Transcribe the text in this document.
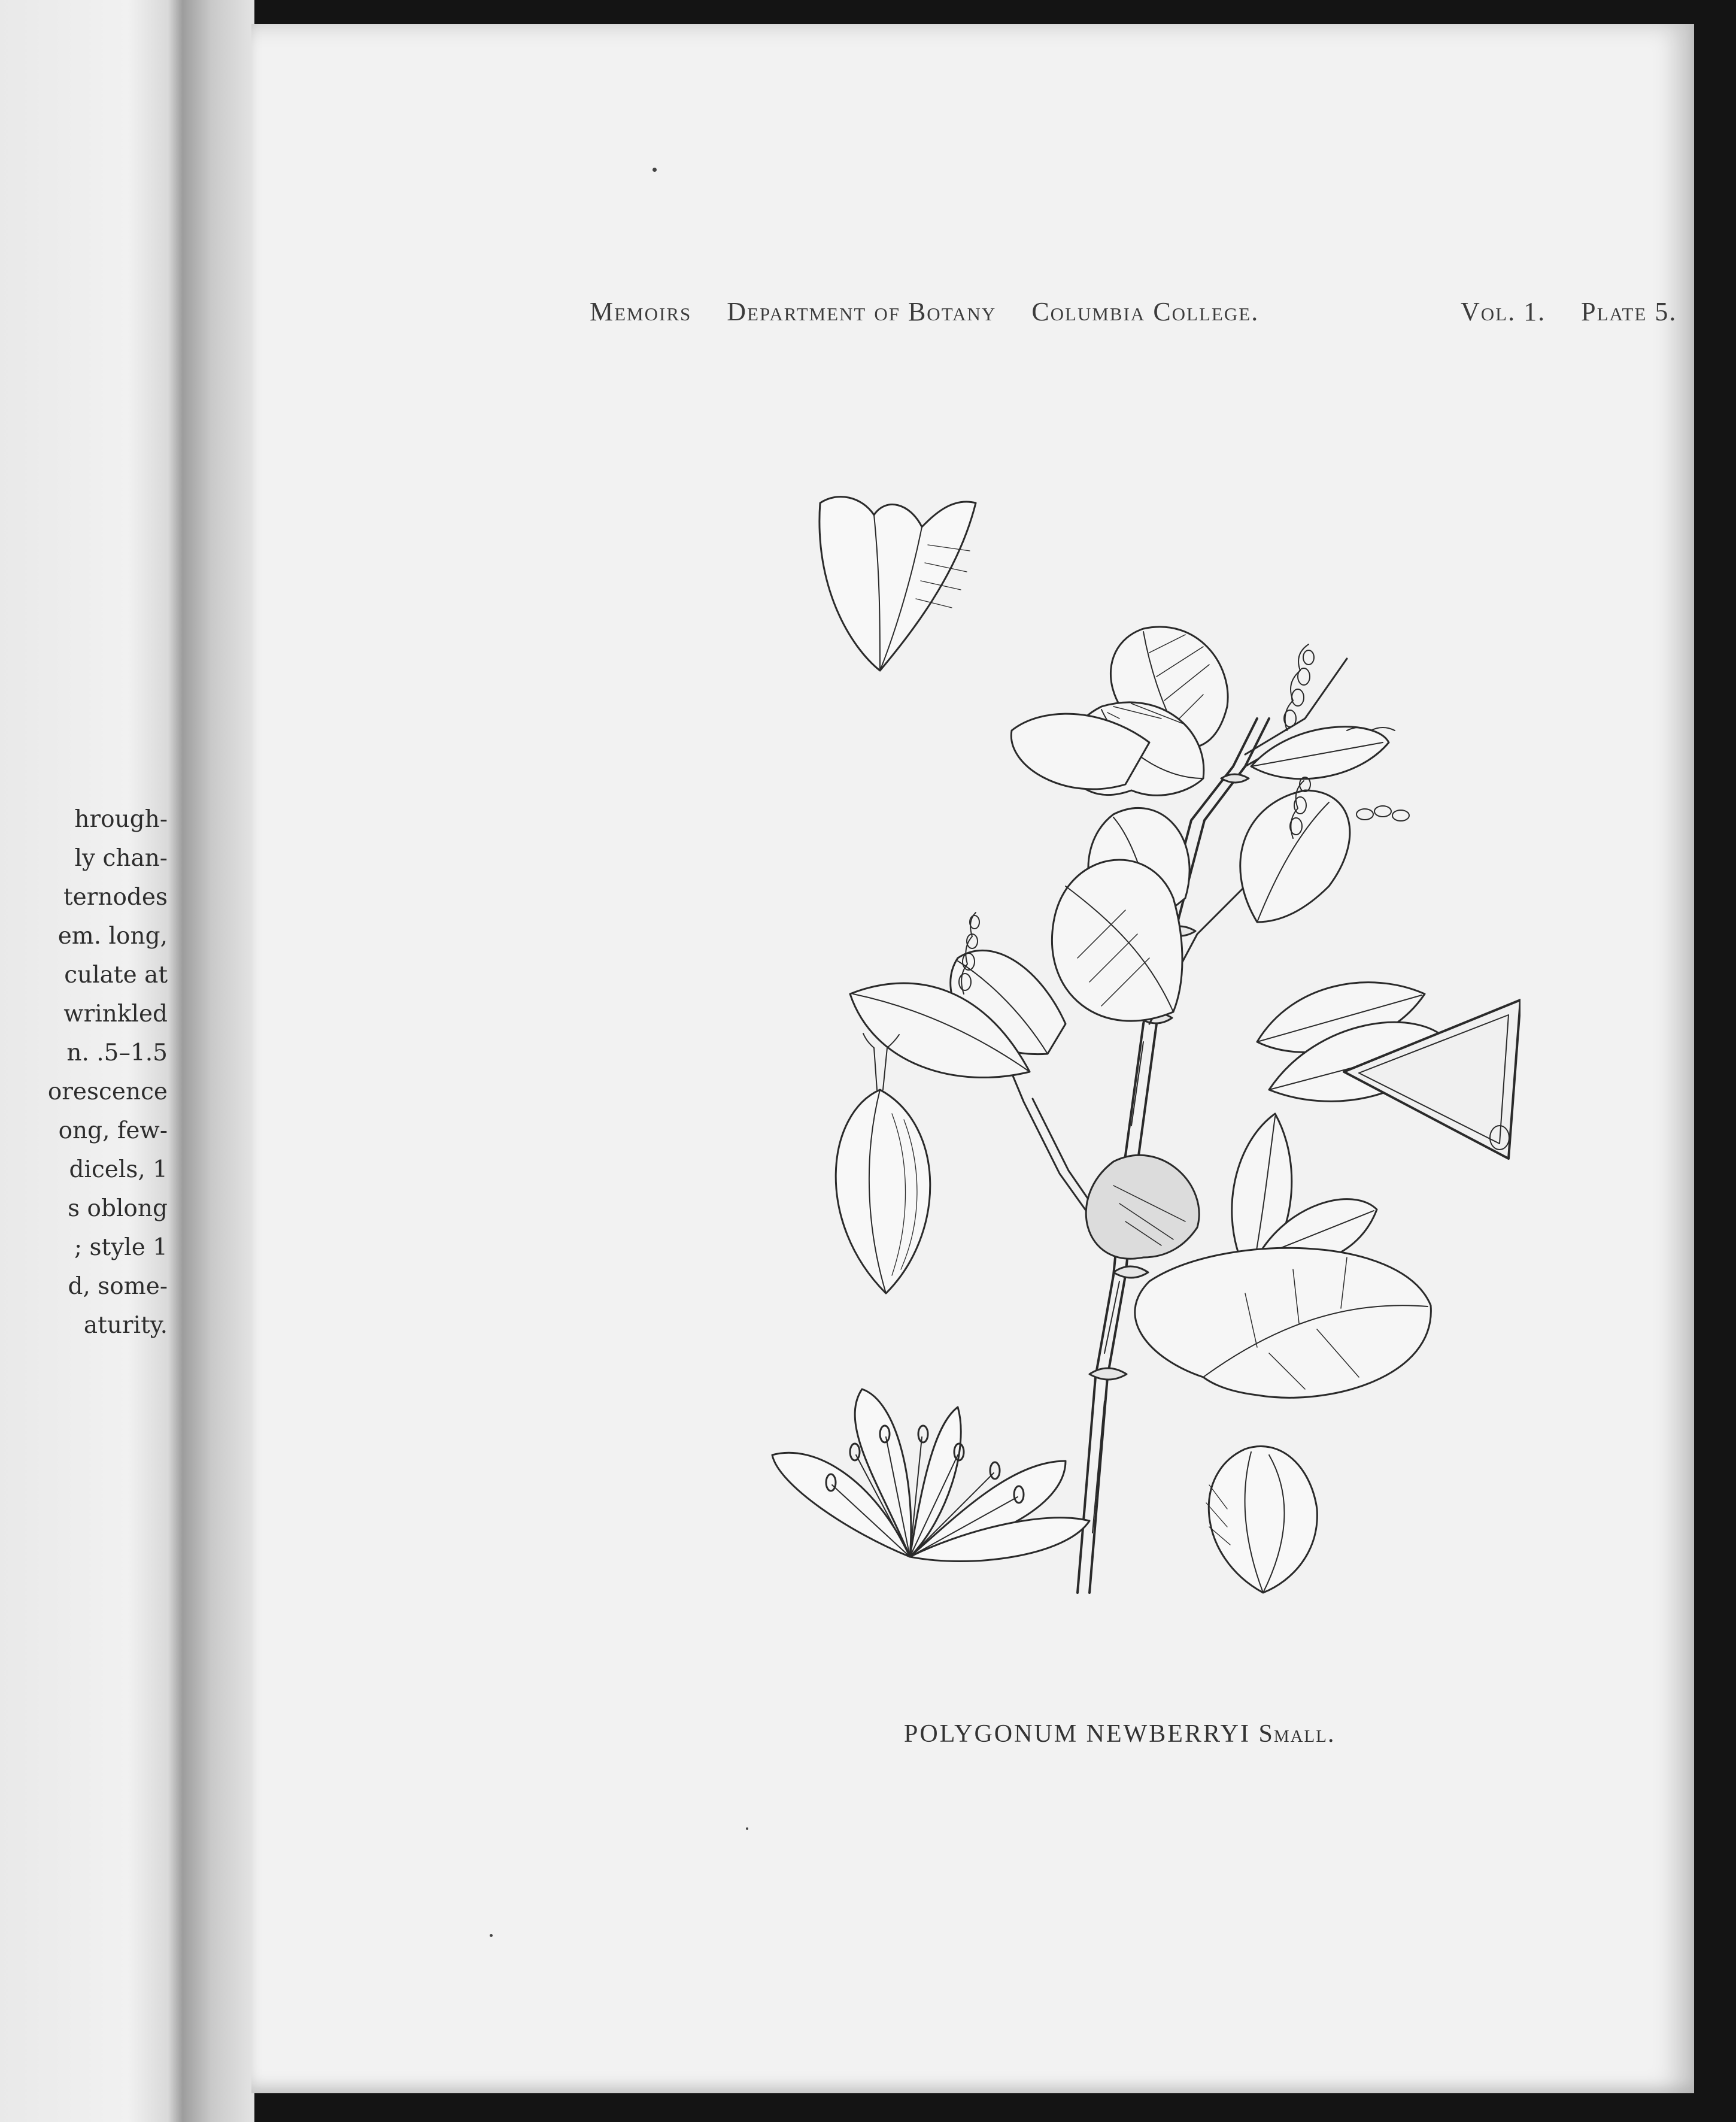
hrough-
ly chan-
ternodes
em. long,
culate at
wrinkled
n. .5–1.5
orescence
ong, few-
dicels, 1
s oblong
; style 1
d, some-
aturity.
Memoirs Department of Botany Columbia College.	Vol. 1. Plate 5.
POLYGONUM NEWBERRYI Small.
